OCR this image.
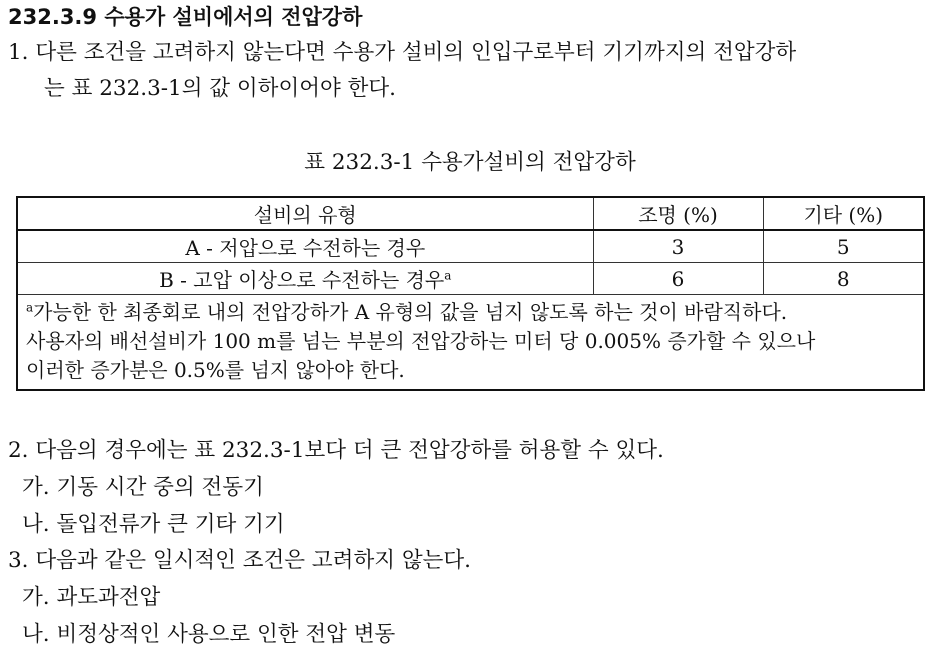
232.3.9 수용가 설비에서의 전압강하
1. 다른 조건을 고려하지 않는다면 수용가 설비의 인입구로부터 기기까지의 전압강하
는 표 232.3-1의 값 이하이어야 한다.
표 232.3-1 수용가설비의 전압강하
설비의 유형	조명 (%)	기타 (%)
A - 저압으로 수전하는 경우	3	5
B - 고압 이상으로 수전하는 경우$^a$	6	8

$^a$가능한 한 최종회로 내의 전압강하가 A 유형의 값을 넘지 않도록 하는 것이 바람직하다.
사용자의 배선설비가 100 m를 넘는 부분의 전압강하는 미터 당 0.005% 증가할 수 있으나
이러한 증가분은 0.5%를 넘지 않아야 한다.		
2. 다음의 경우에는 표 232.3-1보다 더 큰 전압강하를 허용할 수 있다.
가. 기동 시간 중의 전동기
나. 돌입전류가 큰 기타 기기
3. 다음과 같은 일시적인 조건은 고려하지 않는다.
가. 과도과전압
나. 비정상적인 사용으로 인한 전압 변동
